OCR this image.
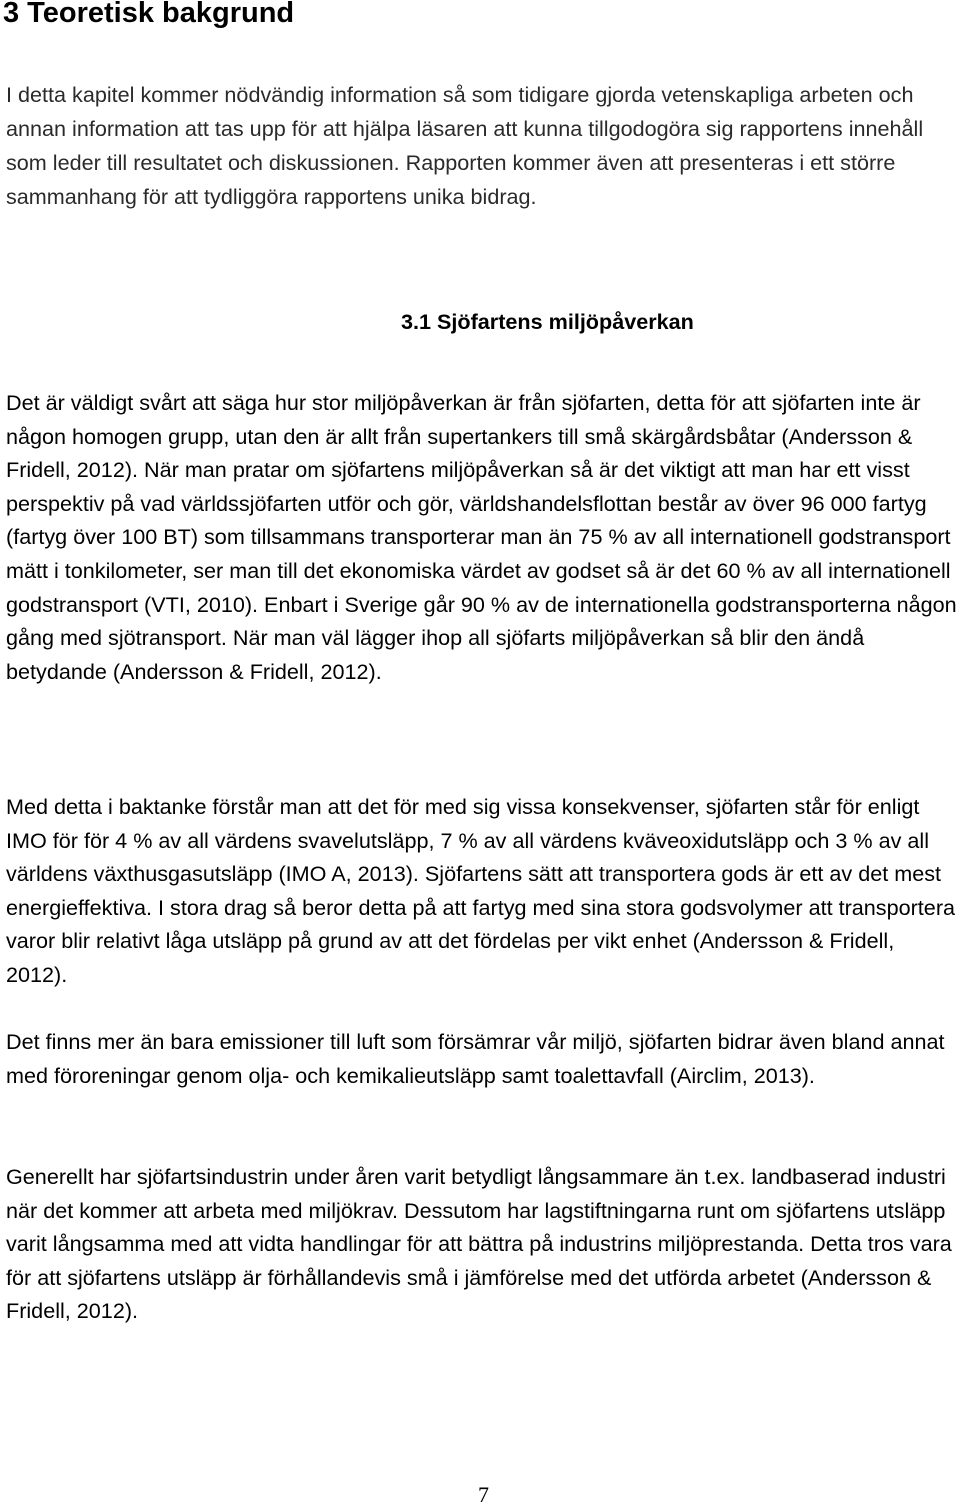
3 Teoretisk bakgrund

I detta kapitel kommer nödvändig information så som tidigare gjorda vetenskapliga arbeten och annan information att tas upp för att hjälpa läsaren att kunna tillgodogöra sig rapportens innehåll som leder till resultatet och diskussionen. Rapporten kommer även att presenteras i ett större sammanhang för att tydliggöra rapportens unika bidrag.

3.1 Sjöfartens miljöpåverkan

Det är väldigt svårt att säga hur stor miljöpåverkan är från sjöfarten, detta för att sjöfarten inte är någon homogen grupp, utan den är allt från supertankers till små skärgårdsbåtar (Andersson & Fridell, 2012). När man pratar om sjöfartens miljöpåverkan så är det viktigt att man har ett visst perspektiv på vad världssjöfarten utför och gör, världshandelsflottan består av över 96 000 fartyg (fartyg över 100 BT) som tillsammans transporterar man än 75 % av all internationell godstransport mätt i tonkilometer, ser man till det ekonomiska värdet av godset så är det 60 % av all internationell godstransport (VTI, 2010). Enbart i Sverige går 90 % av de internationella godstransporterna någon gång med sjötransport. När man väl lägger ihop all sjöfarts miljöpåverkan så blir den ändå betydande (Andersson & Fridell, 2012).

Med detta i baktanke förstår man att det för med sig vissa konsekvenser, sjöfarten står för enligt IMO för för 4 % av all värdens svavelutsläpp, 7 % av all värdens kväveoxidutsläpp och 3 % av all världens växthusgasutsläpp (IMO A, 2013). Sjöfartens sätt att transportera gods är ett av det mest energieffektiva. I stora drag så beror detta på att fartyg med sina stora godsvolymer att transportera varor blir relativt låga utsläpp på grund av att det fördelas per vikt enhet (Andersson & Fridell, 2012).

Det finns mer än bara emissioner till luft som försämrar vår miljö, sjöfarten bidrar även bland annat med föroreningar genom olja- och kemikalieutsläpp samt toalettavfall (Airclim, 2013).

Generellt har sjöfartsindustrin under åren varit betydligt långsammare än t.ex. landbaserad industri när det kommer att arbeta med miljökrav. Dessutom har lagstiftningarna runt om sjöfartens utsläpp varit långsamma med att vidta handlingar för att bättra på industrins miljöprestanda. Detta tros vara för att sjöfartens utsläpp är förhållandevis små i jämförelse med det utförda arbetet (Andersson & Fridell, 2012).

7
